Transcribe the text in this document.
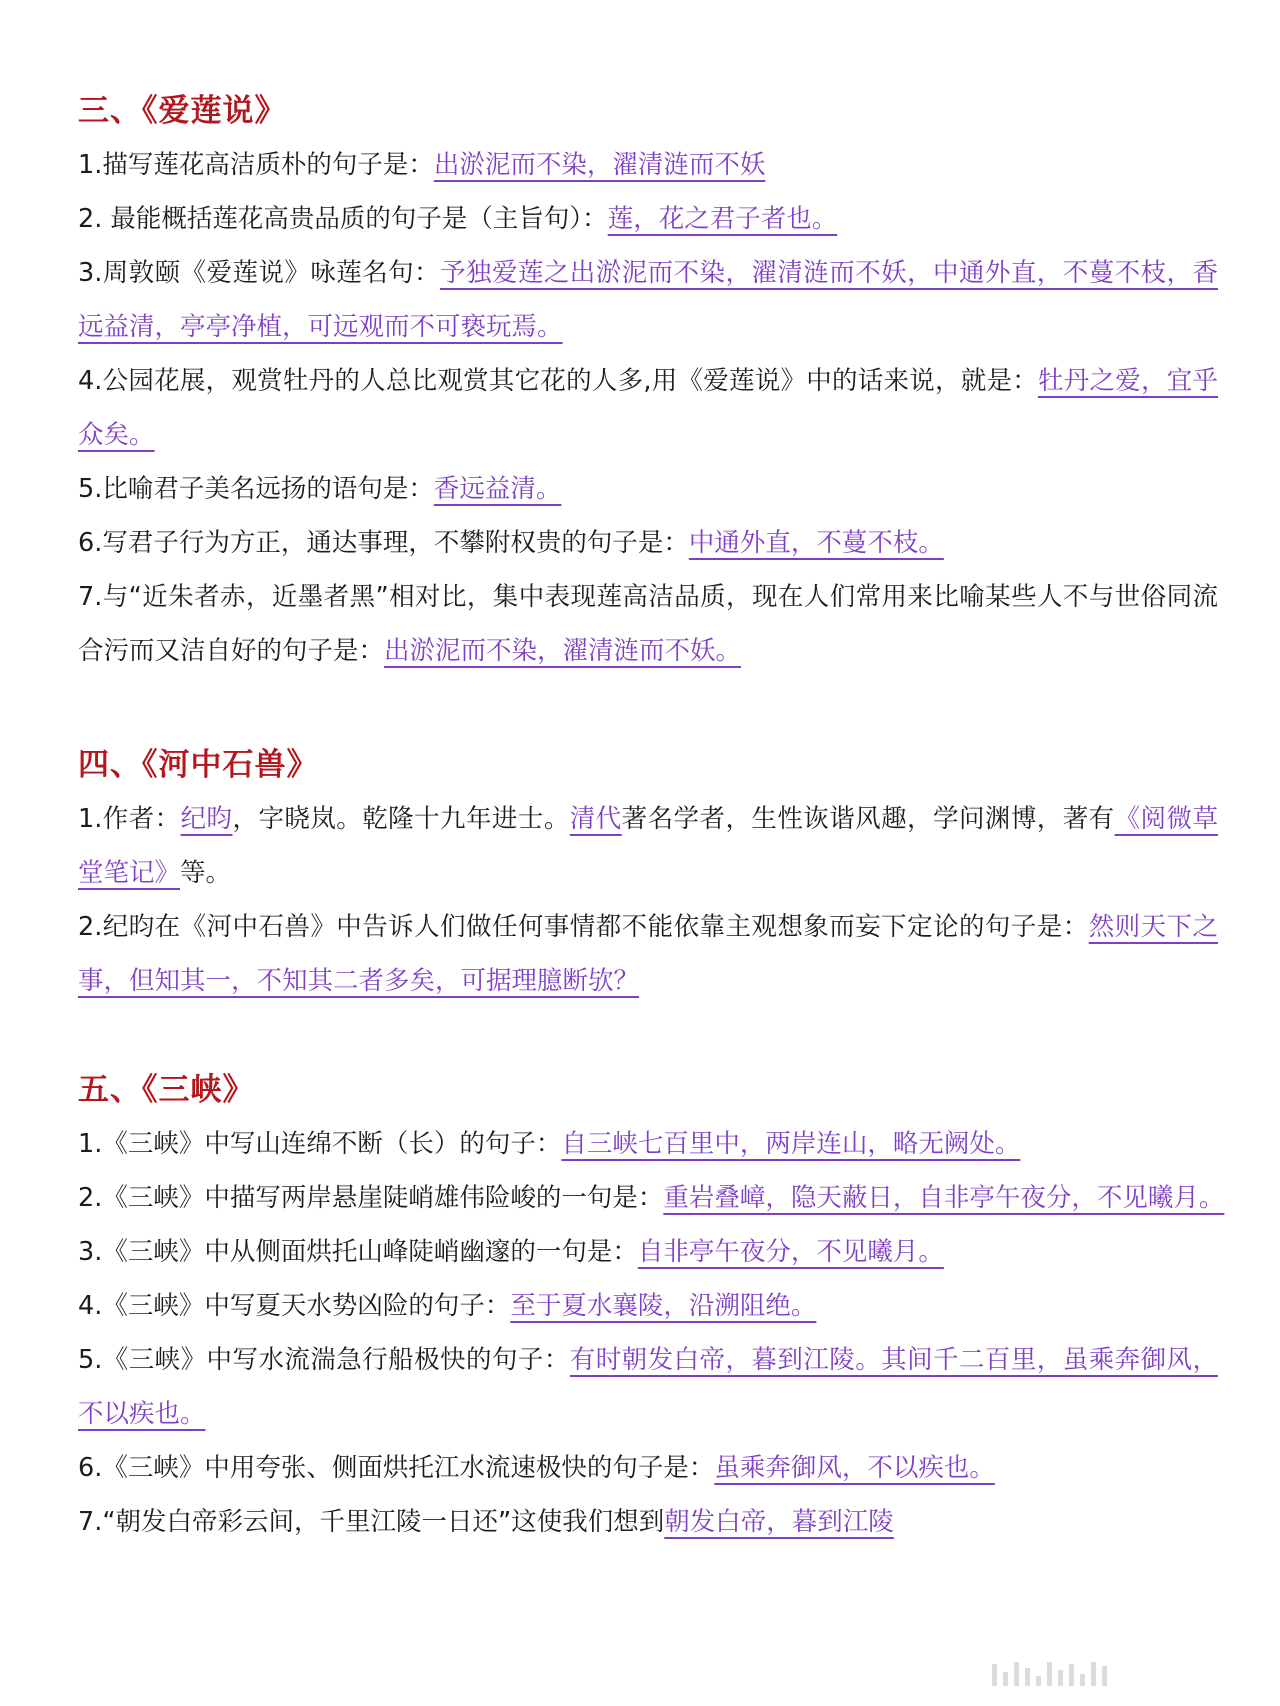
三、《爱莲说》

1.描写莲花高洁质朴的句子是：出淤泥而不染，濯清涟而不妖

2. 最能概括莲花高贵品质的句子是（主旨句）：莲，花之君子者也。

3.周敦颐《爱莲说》咏莲名句：予独爱莲之出淤泥而不染，濯清涟而不妖，中通外直，不蔓不枝，香远益清，亭亭净植，可远观而不可亵玩焉。

4.公园花展，观赏牡丹的人总比观赏其它花的人多,用《爱莲说》中的话来说，就是：牡丹之爱，宜乎众矣。

5.比喻君子美名远扬的语句是：香远益清。

6.写君子行为方正，通达事理，不攀附权贵的句子是：中通外直，不蔓不枝。

7.与“近朱者赤，近墨者黑”相对比，集中表现莲高洁品质，现在人们常用来比喻某些人不与世俗同流合污而又洁自好的句子是：出淤泥而不染，濯清涟而不妖。

四、《河中石兽》

1.作者：纪昀，字晓岚。乾隆十九年进士。清代著名学者，生性诙谐风趣，学问渊博，著有《阅微草堂笔记》等。

2.纪昀在《河中石兽》中告诉人们做任何事情都不能依靠主观想象而妄下定论的句子是：然则天下之事，但知其一，不知其二者多矣，可据理臆断欤？

五、《三峡》

1.《三峡》中写山连绵不断（长）的句子：自三峡七百里中，两岸连山，略无阙处。

2.《三峡》中描写两岸悬崖陡峭雄伟险峻的一句是：重岩叠嶂，隐天蔽日，自非亭午夜分，不见曦月。

3.《三峡》中从侧面烘托山峰陡峭幽邃的一句是：自非亭午夜分，不见曦月。

4.《三峡》中写夏天水势凶险的句子：至于夏水襄陵，沿溯阻绝。

5.《三峡》中写水流湍急行船极快的句子：有时朝发白帝，暮到江陵。其间千二百里，虽乘奔御风，不以疾也。

6.《三峡》中用夸张、侧面烘托江水流速极快的句子是：虽乘奔御风，不以疾也。

7.“朝发白帝彩云间，千里江陵一日还”这使我们想到朝发白帝，暮到江陵
